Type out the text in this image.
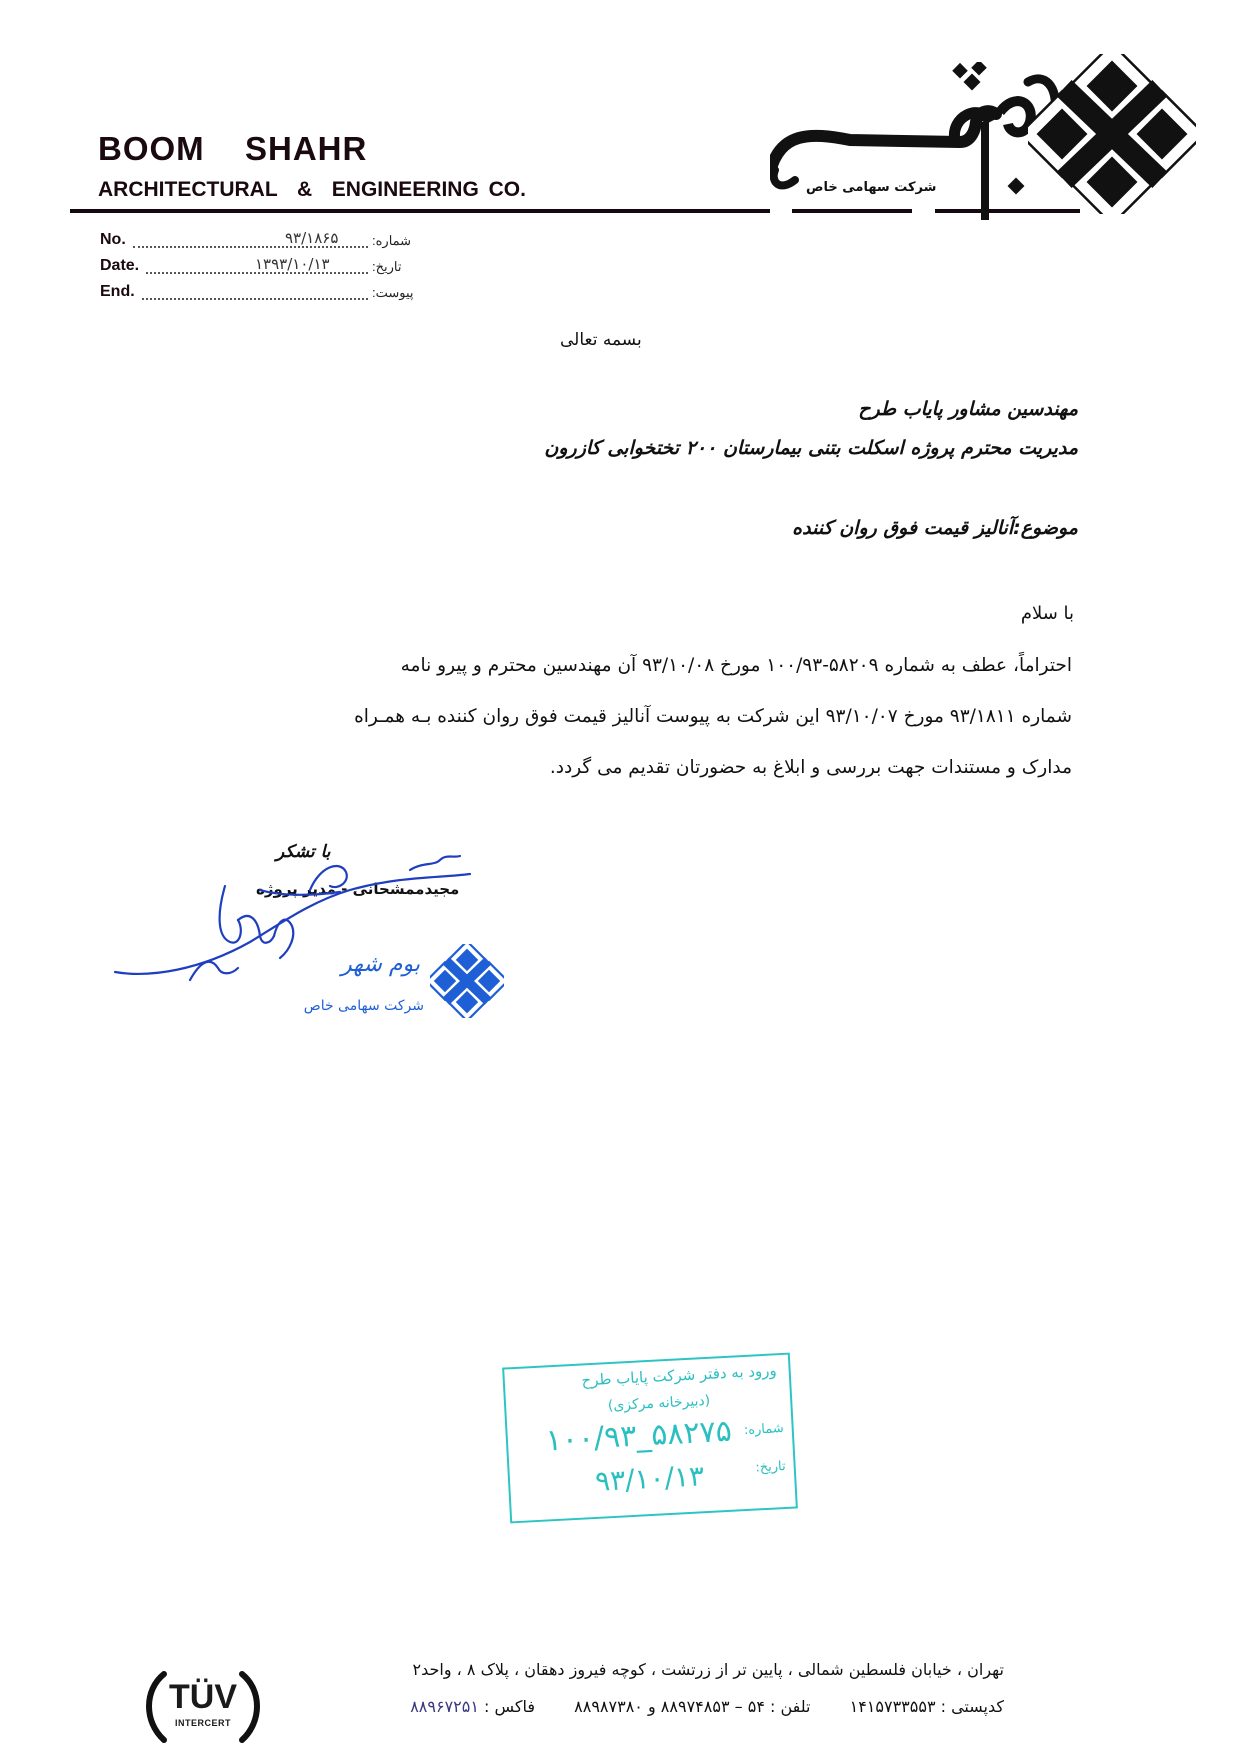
BOOM  SHAHR
ARCHITECTURAL  &  ENGINEERING CO.	شرکت سهامی خاص
No.	۹۳/۱۸۶۵	شماره:
Date.	۱۳۹۳/۱۰/۱۳	تاریخ:
End.	پیوست:
بسمه تعالی
مهندسین مشاور پایاب طرح
مدیریت محترم پروژه اسکلت بتنی بیمارستان ۲۰۰ تختخوابی کازرون
موضوع:آنالیز قیمت فوق روان کننده
با سلام
احتراماً، عطف به شماره ۵۸۲۰۹-۱۰۰/۹۳ مورخ ۹۳/۱۰/۰۸ آن مهندسین محترم و پیرو نامه
شماره ۹۳/۱۸۱۱ مورخ ۹۳/۱۰/۰۷ این شرکت به پیوست آنالیز قیمت فوق روان کننده بـه همـراه
مدارک و مستندات جهت بررسی و ابلاغ به حضورتان تقدیم می گردد.
با تشکر
مجیدممشحانی - مدیر پروژه
بوم شهر
شرکت سهامی خاص
ورود به دفتر شرکت پایاب طرح
(دبیرخانه مرکزی)
شماره:
۱۰۰/۹۳_۵۸۲۷۵
تاریخ:
۹۳/۱۰/۱۳
TÜV
INTERCERT
تهران ، خیابان فلسطین شمالی ، پایین تر از زرتشت ، کوچه فیروز دهقان ، پلاک ۸ ، واحد۲
کدپستی : ۱۴۱۵۷۳۳۵۵۳ تلفن : ۵۴ – ۸۸۹۷۴۸۵۳ و ۸۸۹۸۷۳۸۰ فاکس : ۸۸۹۶۷۲۵۱
